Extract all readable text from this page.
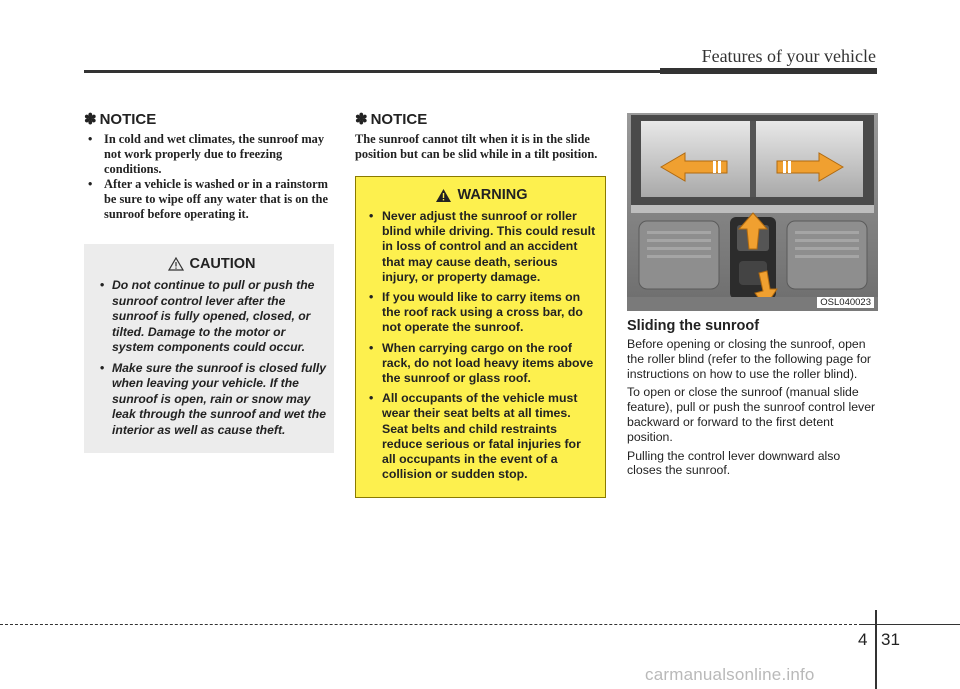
Features of your vehicle
✽ NOTICE
• In cold and wet climates, the sunroof may not work properly due to freezing conditions.
• After a vehicle is washed or in a rainstorm be sure to wipe off any water that is on the sunroof before operating it.
CAUTION
• Do not continue to pull or push the sunroof control lever after the sunroof is fully opened, closed, or tilted. Damage to the motor or system components could occur.
• Make sure the sunroof is closed fully when leaving your vehicle. If the sunroof is open, rain or snow may leak through the sunroof and wet the interior as well as cause theft.
✽ NOTICE

The sunroof cannot tilt when it is in the slide position but can be slid while in a tilt position.

WARNING
• Never adjust the sunroof or roller blind while driving. This could result in loss of control and an accident that may cause death, serious injury, or property damage.
• If you would like to carry items on the roof rack using a cross bar, do not operate the sunroof.
• When carrying cargo on the roof rack, do not load heavy items above the sunroof or glass roof.
• All occupants of the vehicle must wear their seat belts at all times. Seat belts and child restraints reduce serious or fatal injuries for all occupants in the event of a collision or sudden stop.
OSL040023
Sliding the sunroof

Before opening or closing the sunroof, open the roller blind (refer to the following page for instructions on how to use the roller blind).

To open or close the sunroof (manual slide feature), pull or push the sunroof control lever backward or forward to the first detent position.

Pulling the control lever downward also closes the sunroof.

4 31
carmanualsonline.info
